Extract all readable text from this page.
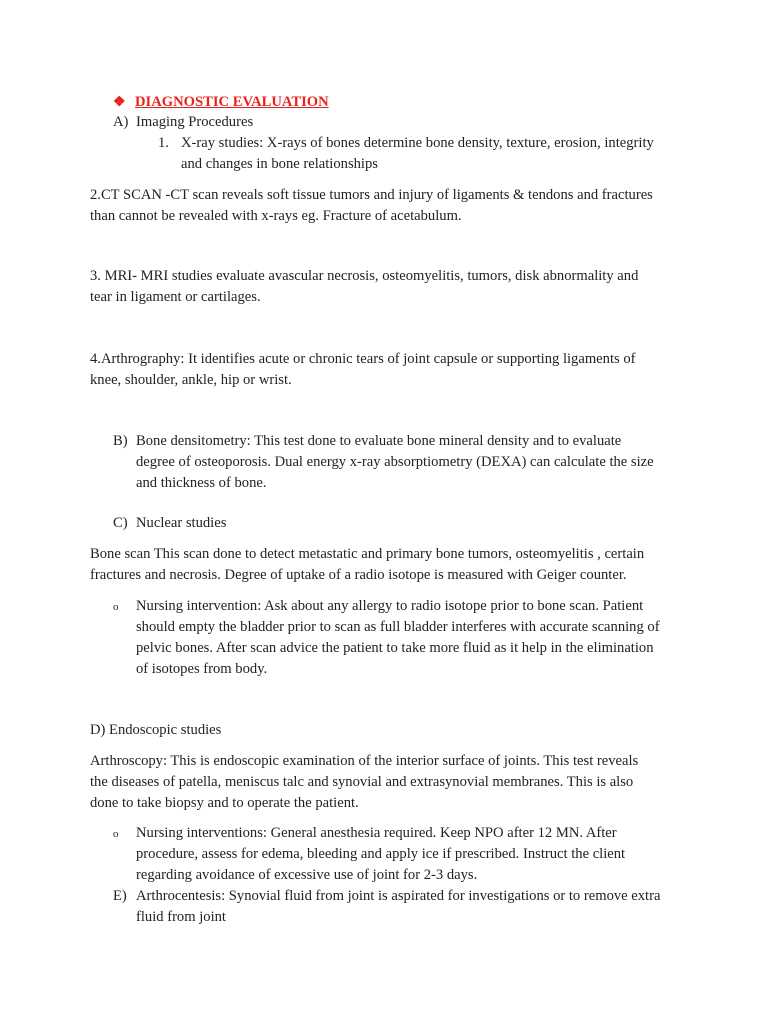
❖ DIAGNOSTIC EVALUATION
A) Imaging Procedures
1. X-ray studies: X-rays of bones determine bone density, texture, erosion, integrity
and changes in bone relationships
2.CT SCAN -CT scan reveals soft tissue tumors and injury of ligaments & tendons and fractures
than cannot be revealed with x-rays eg. Fracture of acetabulum.
3. MRI- MRI studies evaluate avascular necrosis, osteomyelitis, tumors, disk abnormality and
tear in ligament or cartilages.
4.Arthrography: It identifies acute or chronic tears of joint capsule or supporting ligaments of
knee, shoulder, ankle, hip or wrist.
B) Bone densitometry: This test done to evaluate bone mineral density and to evaluate
degree of osteoporosis. Dual energy x-ray absorptiometry (DEXA) can calculate the size
and thickness of bone.
C) Nuclear studies
Bone scan This scan done to detect metastatic and primary bone tumors, osteomyelitis , certain
fractures and necrosis. Degree of uptake of a radio isotope is measured with Geiger counter.
o Nursing intervention: Ask about any allergy to radio isotope prior to bone scan. Patient
should empty the bladder prior to scan as full bladder interferes with accurate scanning of
pelvic bones. After scan advice the patient to take more fluid as it help in the elimination
of isotopes from body.
D) Endoscopic studies
Arthroscopy: This is endoscopic examination of the interior surface of joints. This test reveals
the diseases of patella, meniscus talc and synovial and extrasynovial membranes. This is also
done to take biopsy and to operate the patient.
o Nursing interventions: General anesthesia required. Keep NPO after 12 MN. After
procedure, assess for edema, bleeding and apply ice if prescribed. Instruct the client
regarding avoidance of excessive use of joint for 2-3 days.
E) Arthrocentesis: Synovial fluid from joint is aspirated for investigations or to remove extra
fluid from joint
